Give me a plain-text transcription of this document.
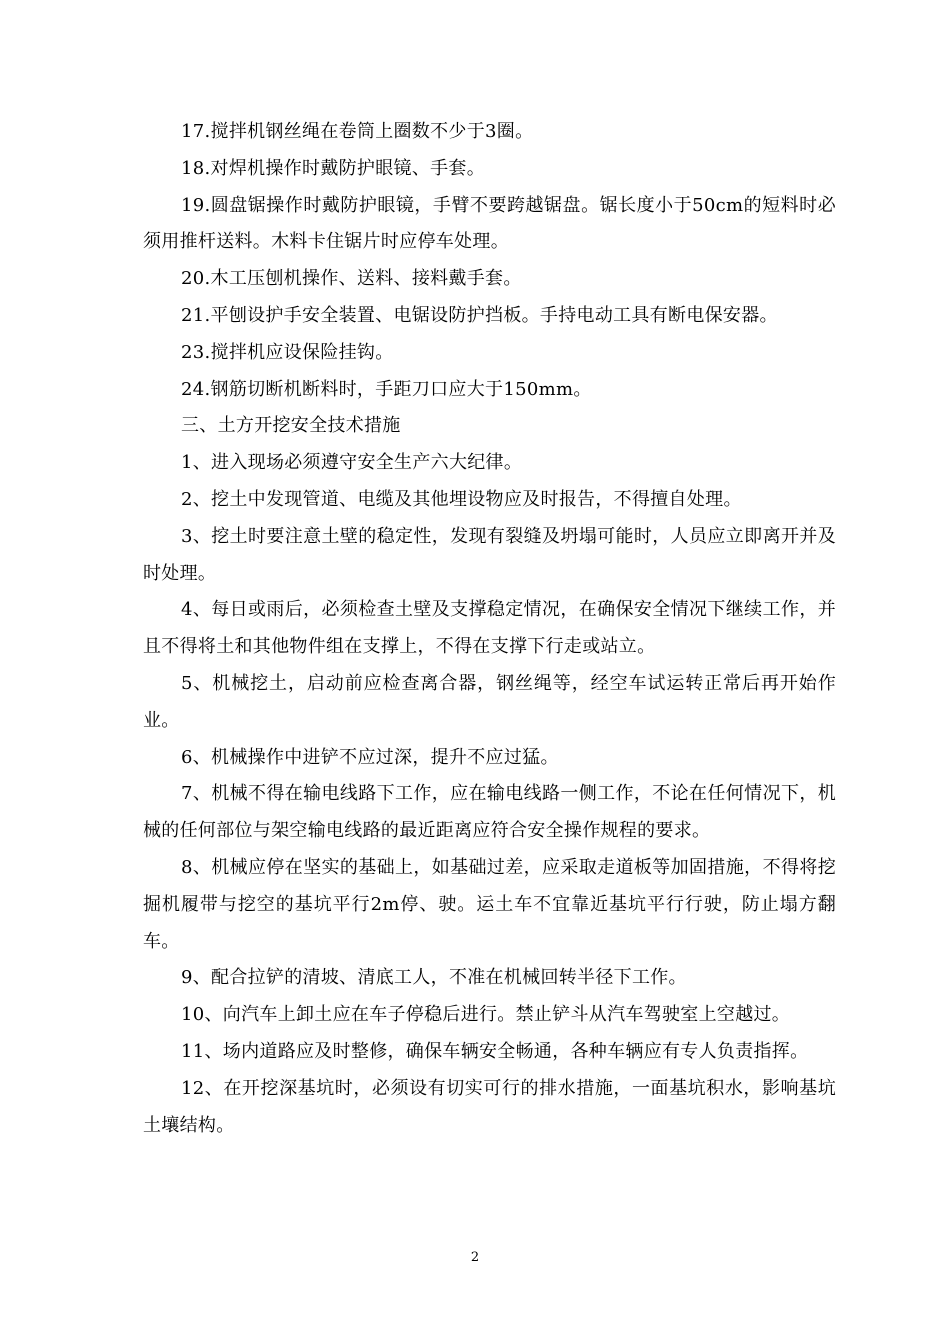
17.搅拌机钢丝绳在卷筒上圈数不少于3圈。

18.对焊机操作时戴防护眼镜、手套。

19.圆盘锯操作时戴防护眼镜，手臂不要跨越锯盘。锯长度小于50cm的短料时必须用推杆送料。木料卡住锯片时应停车处理。

20.木工压刨机操作、送料、接料戴手套。

21.平刨设护手安全装置、电锯设防护挡板。手持电动工具有断电保安器。

23.搅拌机应设保险挂钩。

24.钢筋切断机断料时，手距刀口应大于150mm。

三、土方开挖安全技术措施

1、进入现场必须遵守安全生产六大纪律。

2、挖土中发现管道、电缆及其他埋设物应及时报告，不得擅自处理。

3、挖土时要注意土壁的稳定性，发现有裂缝及坍塌可能时，人员应立即离开并及时处理。

4、每日或雨后，必须检查土壁及支撑稳定情况，在确保安全情况下继续工作，并且不得将土和其他物件组在支撑上，不得在支撑下行走或站立。

5、机械挖土，启动前应检查离合器，钢丝绳等，经空车试运转正常后再开始作业。

6、机械操作中进铲不应过深，提升不应过猛。

7、机械不得在输电线路下工作，应在输电线路一侧工作，不论在任何情况下，机械的任何部位与架空输电线路的最近距离应符合安全操作规程的要求。

8、机械应停在坚实的基础上，如基础过差，应采取走道板等加固措施，不得将挖掘机履带与挖空的基坑平行2m停、驶。运土车不宜靠近基坑平行行驶，防止塌方翻车。

9、配合拉铲的清坡、清底工人，不准在机械回转半径下工作。

10、向汽车上卸土应在车子停稳后进行。禁止铲斗从汽车驾驶室上空越过。

11、场内道路应及时整修，确保车辆安全畅通，各种车辆应有专人负责指挥。

12、在开挖深基坑时，必须设有切实可行的排水措施，一面基坑积水，影响基坑土壤结构。

2
